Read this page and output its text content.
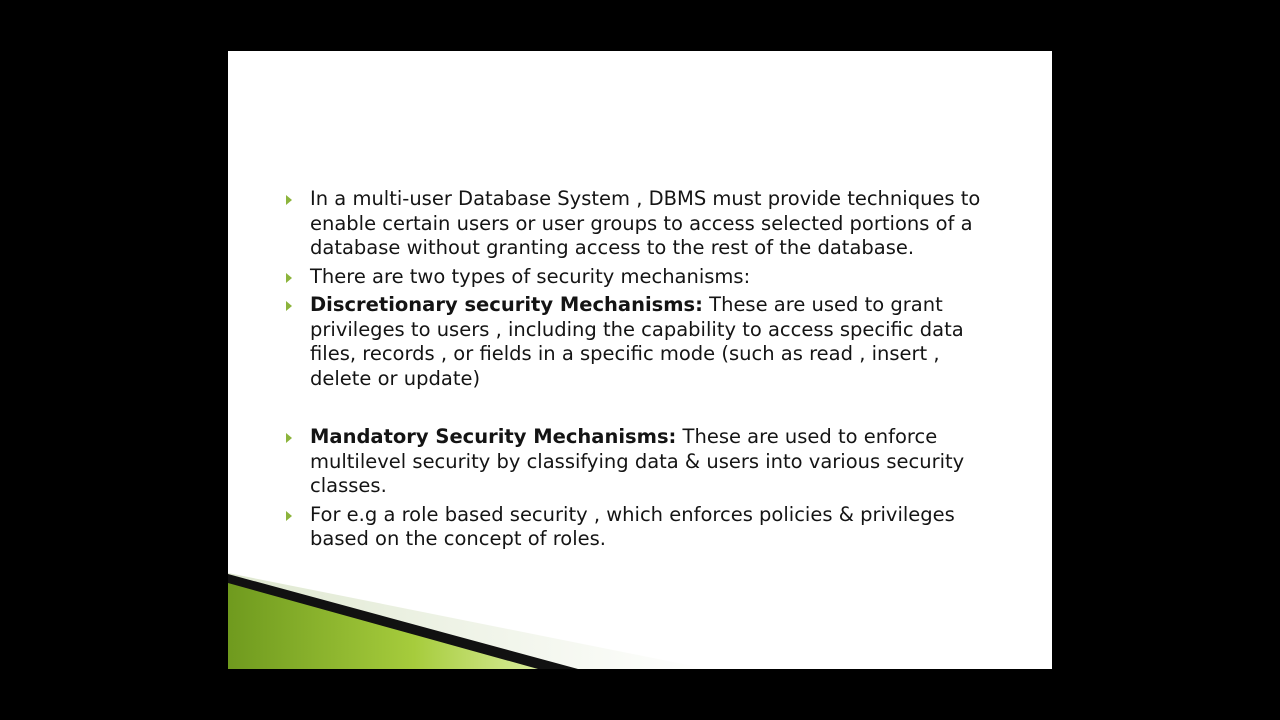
In a multi-user Database System , DBMS must provide techniques to enable certain users or user groups to access selected portions of a database without granting access to the rest of the database.
There are two types of security mechanisms:
Discretionary security Mechanisms: These are used to grant privileges to users , including the capability to access specific data files, records , or fields in a specific mode (such as read , insert , delete or update)
Mandatory Security Mechanisms: These are used to enforce multilevel security by classifying data & users into various security classes.
For e.g a role based security , which enforces policies & privileges based on the concept of roles.
